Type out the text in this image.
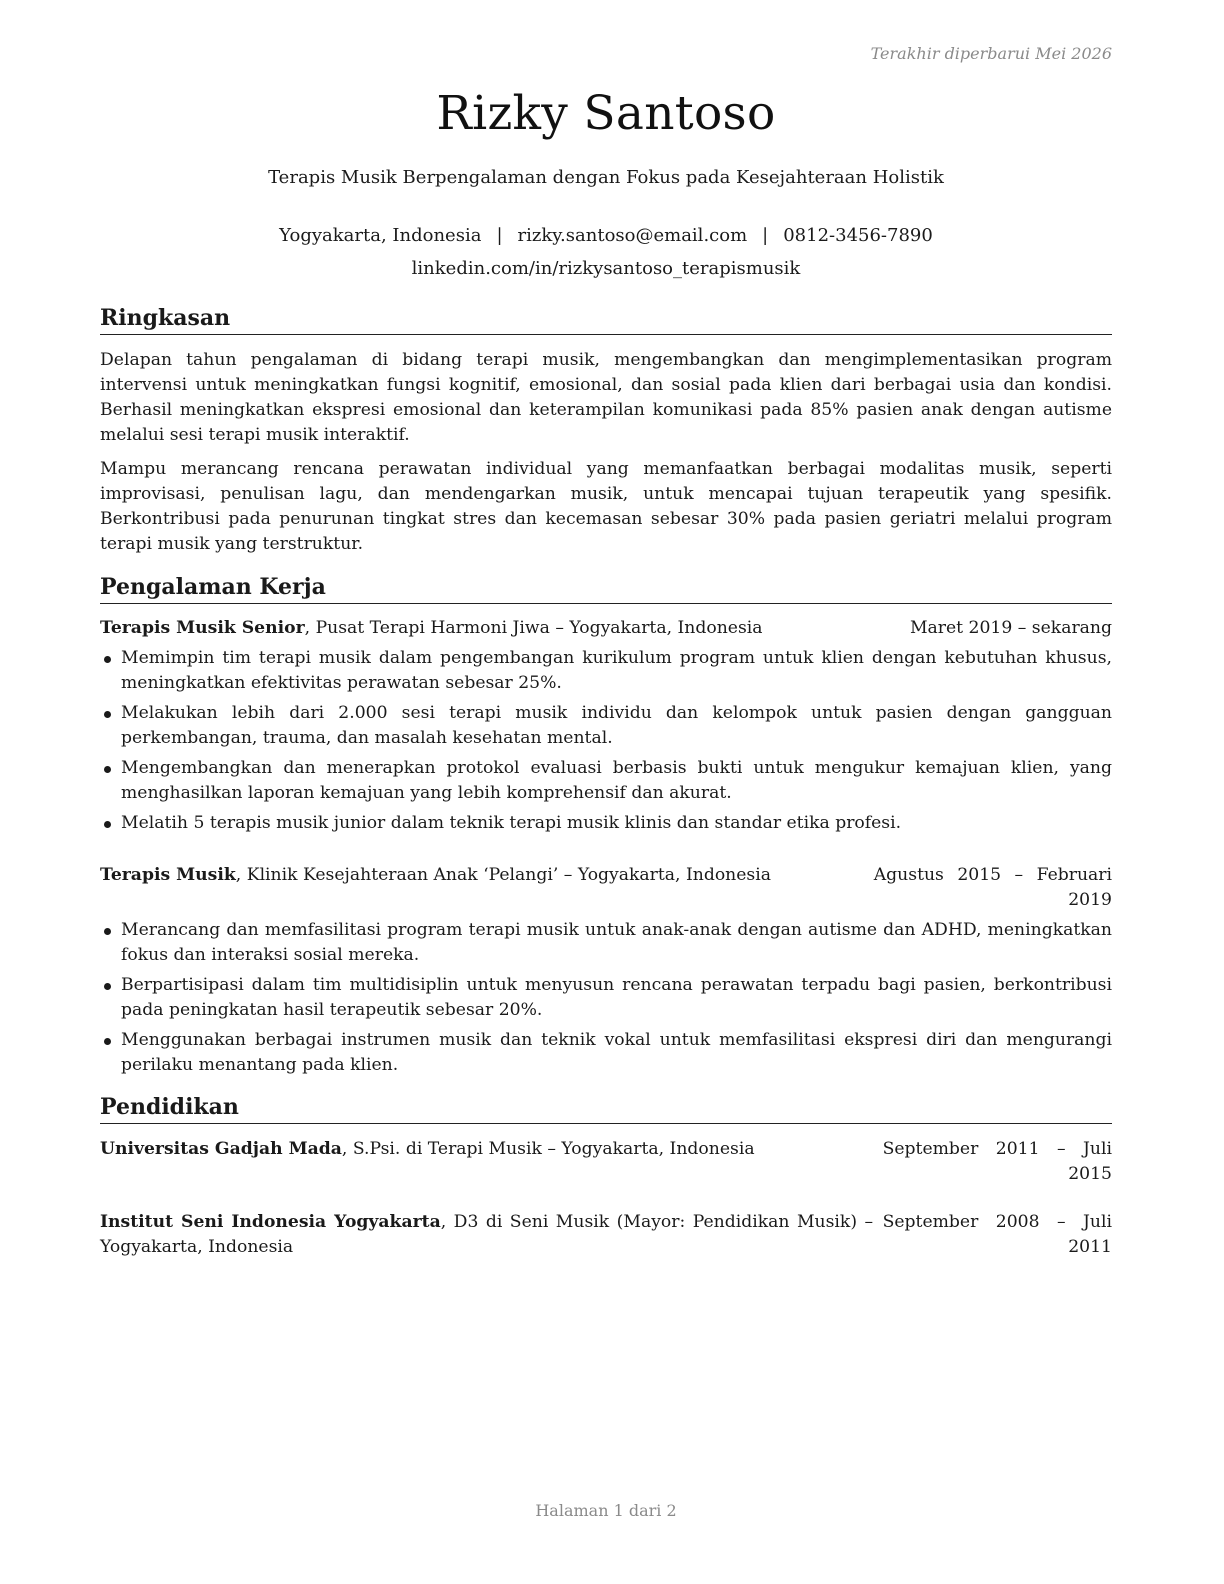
Terakhir diperbarui Mei 2026
Rizky Santoso
Terapis Musik Berpengalaman dengan Fokus pada Kesejahteraan Holistik
Yogyakarta, Indonesia | rizky.santoso@email.com | 0812-3456-7890
linkedin.com/in/rizkysantoso_terapismusik
Ringkasan
Delapan tahun pengalaman di bidang terapi musik, mengembangkan dan mengimplementasikan program intervensi untuk meningkatkan fungsi kognitif, emosional, dan sosial pada klien dari berbagai usia dan kondisi. Berhasil meningkatkan ekspresi emosional dan keterampilan komunikasi pada 85% pasien anak dengan autisme melalui sesi terapi musik interaktif.
Mampu merancang rencana perawatan individual yang memanfaatkan berbagai modalitas musik, seperti improvisasi, penulisan lagu, dan mendengarkan musik, untuk mencapai tujuan terapeutik yang spesifik. Berkontribusi pada penurunan tingkat stres dan kecemasan sebesar 30% pada pasien geriatri melalui program terapi musik yang terstruktur.
Pengalaman Kerja
Terapis Musik Senior, Pusat Terapi Harmoni Jiwa – Yogyakarta, Indonesia	Maret 2019 – sekarang
Memimpin tim terapi musik dalam pengembangan kurikulum program untuk klien dengan kebutuhan khusus, meningkatkan efektivitas perawatan sebesar 25%.
Melakukan lebih dari 2.000 sesi terapi musik individu dan kelompok untuk pasien dengan gangguan perkembangan, trauma, dan masalah kesehatan mental.
Mengembangkan dan menerapkan protokol evaluasi berbasis bukti untuk mengukur kemajuan klien, yang menghasilkan laporan kemajuan yang lebih komprehensif dan akurat.
Melatih 5 terapis musik junior dalam teknik terapi musik klinis dan standar etika profesi.
Terapis Musik, Klinik Kesejahteraan Anak ‘Pelangi’ – Yogyakarta, Indonesia	Agustus 2015 – Februari
2019
Merancang dan memfasilitasi program terapi musik untuk anak-anak dengan autisme dan ADHD, meningkatkan fokus dan interaksi sosial mereka.
Berpartisipasi dalam tim multidisiplin untuk menyusun rencana perawatan terpadu bagi pasien, berkontribusi pada peningkatan hasil terapeutik sebesar 20%.
Menggunakan berbagai instrumen musik dan teknik vokal untuk memfasilitasi ekspresi diri dan mengurangi perilaku menantang pada klien.
Pendidikan
Universitas Gadjah Mada, S.Psi. di Terapi Musik – Yogyakarta, Indonesia	September 2011 – Juli
2015
Institut Seni Indonesia Yogyakarta, D3 di Seni Musik (Mayor: Pendidikan Musik) –
Yogyakarta, Indonesia
September 2008 – Juli
2011
Halaman 1 dari 2
